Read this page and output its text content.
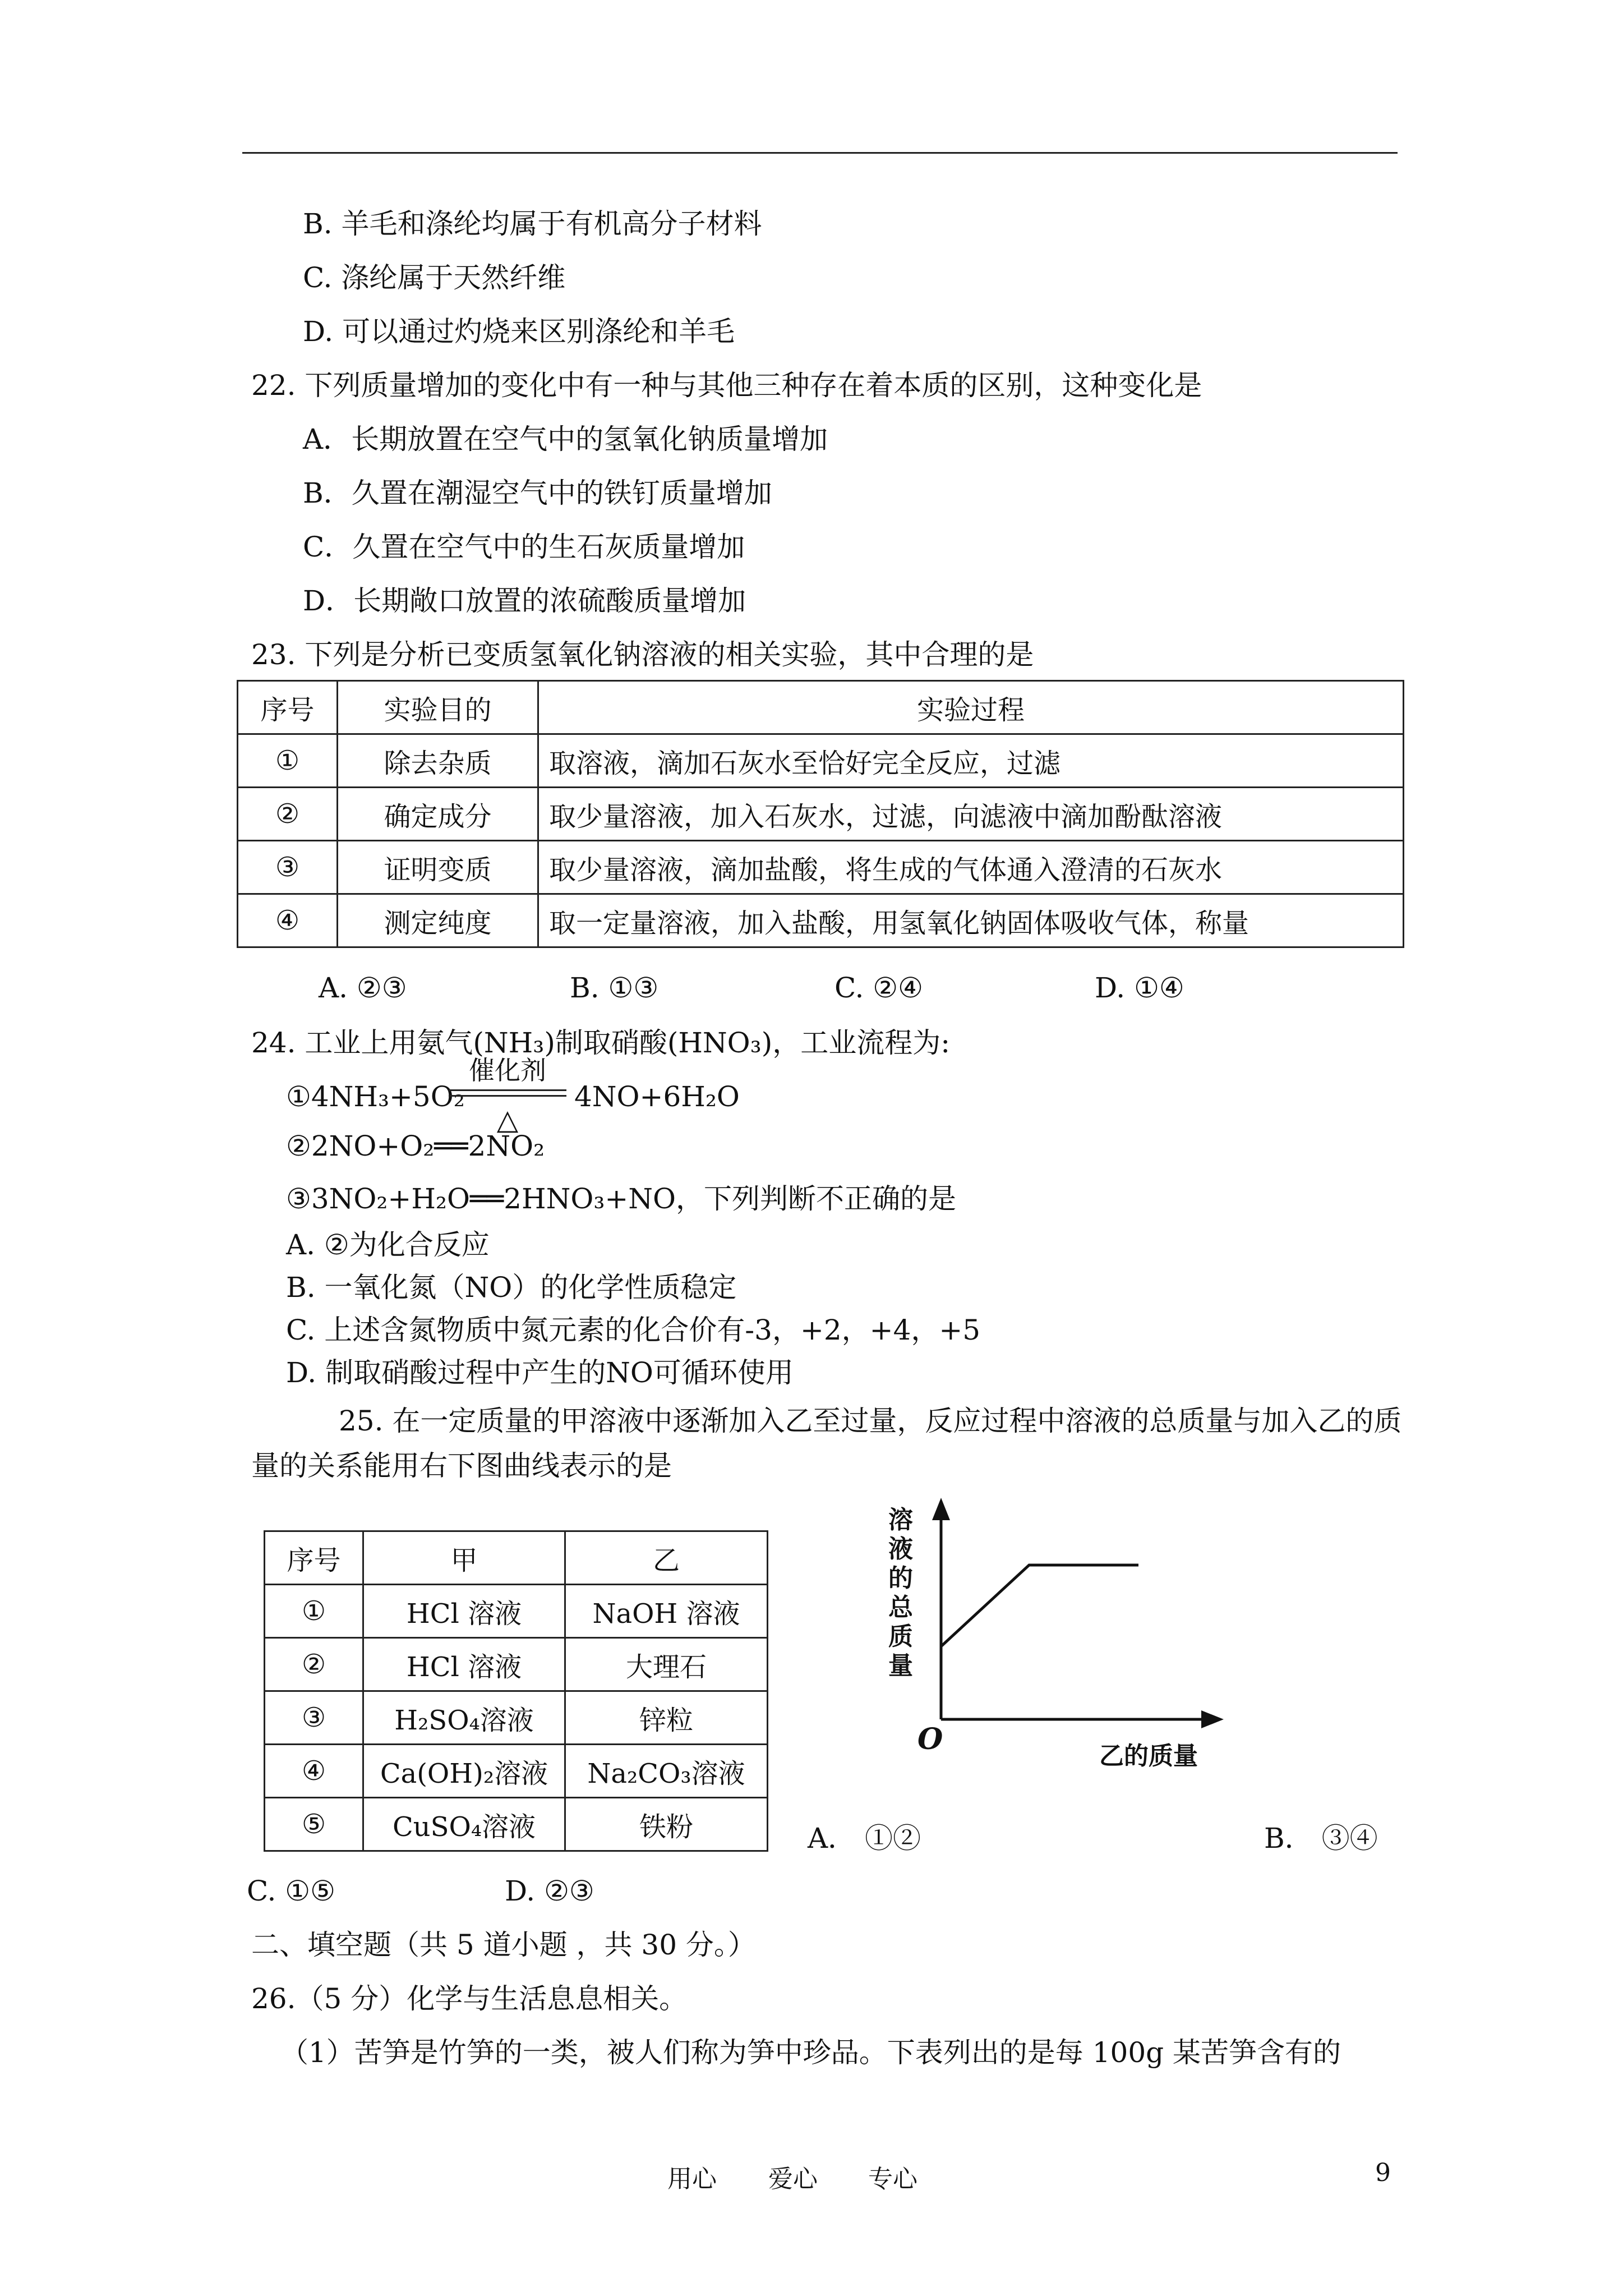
B. 羊毛和涤纶均属于有机高分子材料
C. 涤纶属于天然纤维
D. 可以通过灼烧来区别涤纶和羊毛
22. 下列质量增加的变化中有一种与其他三种存在着本质的区别，这种变化是
A．长期放置在空气中的氢氧化钠质量增加
B．久置在潮湿空气中的铁钉质量增加
C．久置在空气中的生石灰质量增加
D．长期敞口放置的浓硫酸质量增加
23. 下列是分析已变质氢氧化钠溶液的相关实验，其中合理的是
序号	实验目的	实验过程
①	除去杂质	取溶液，滴加石灰水至恰好完全反应，过滤
②	确定成分	取少量溶液，加入石灰水，过滤，向滤液中滴加酚酞溶液
③	证明变质	取少量溶液，滴加盐酸，将生成的气体通入澄清的石灰水
④	测定纯度	取一定量溶液，加入盐酸，用氢氧化钠固体吸收气体，称量
A. ②③	B. ①③	C. ②④	D. ①④
24. 工业上用氨气(NH₃)制取硝酸(HNO₃)，工业流程为:
①4NH₃+5O₂
催化剂
△
4NO+6H₂O
②2NO+O₂══2NO₂
③3NO₂+H₂O══2HNO₃+NO，下列判断不正确的是
A. ②为化合反应
B. 一氧化氮（NO）的化学性质稳定
C. 上述含氮物质中氮元素的化合价有-3，+2，+4，+5
D. 制取硝酸过程中产生的NO可循环使用
25. 在一定质量的甲溶液中逐渐加入乙至过量，反应过程中溶液的总质量与加入乙的质
量的关系能用右下图曲线表示的是
序号	甲	乙
①	HCl 溶液	NaOH 溶液
②	HCl 溶液	大理石
③	H₂SO₄溶液	锌粒
④	Ca(OH)₂溶液	Na₂CO₃溶液
⑤	CuSO₄溶液	铁粉
溶
液
的
总
质
量
O	乙的质量
A． ①②	B． ③④
C. ①⑤	D. ②③
二、填空题（共 5 道小题 ，共 30 分。）
26.（5 分）化学与生活息息相关。
（1）苦笋是竹笋的一类，被人们称为笋中珍品。下表列出的是每 100g 某苦笋含有的
用心 爱心 专心	9
